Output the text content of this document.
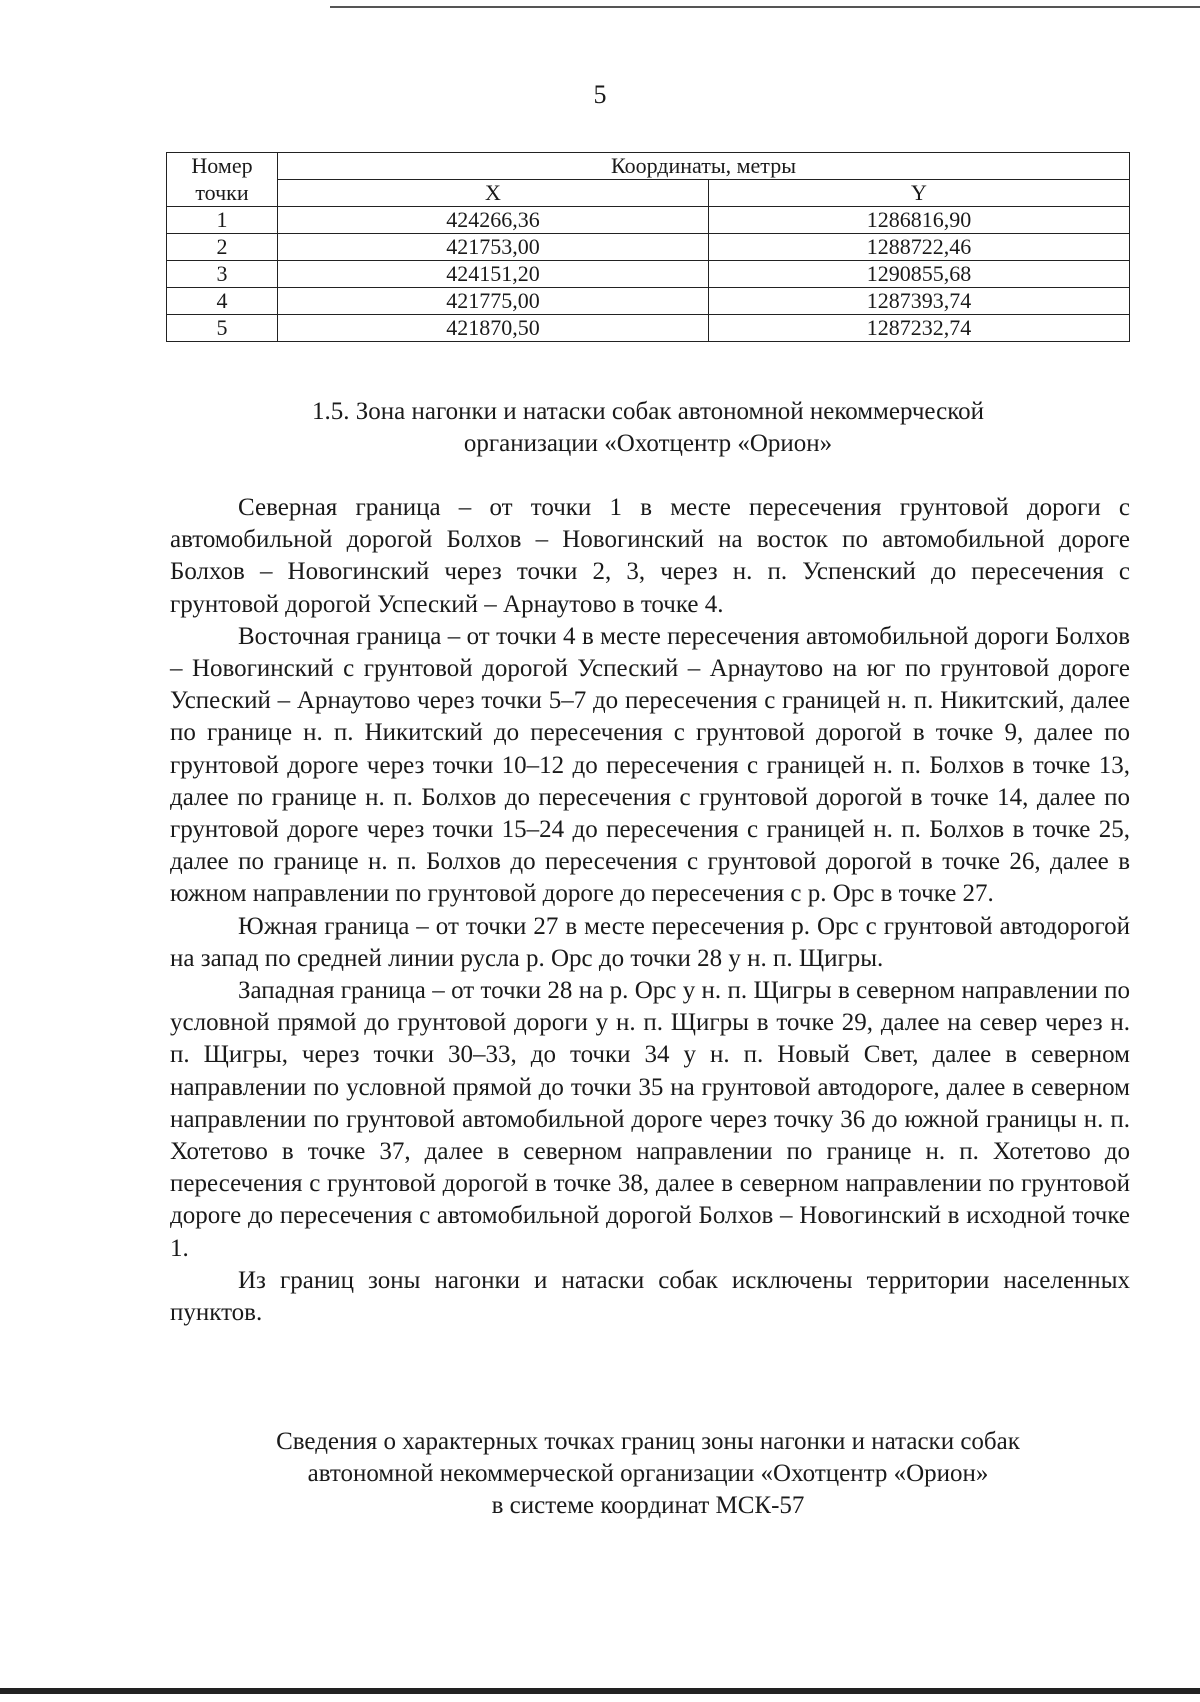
5
Номер	Координаты, метры	
точки	X	Y
1	424266,36	1286816,90
2	421753,00	1288722,46
3	424151,20	1290855,68
4	421775,00	1287393,74
5	421870,50	1287232,74
1.5. Зона нагонки и натаски собак автономной некоммерческой
организации «Охотцентр «Орион»

Северная граница – от точки 1 в месте пересечения грунтовой дороги с автомобильной дорогой Болхов – Новогинский на восток по автомобильной дороге Болхов – Новогинский через точки 2, 3, через н. п. Успенский до пересечения с грунтовой дорогой Успеский – Арнаутово в точке 4.

Восточная граница – от точки 4 в месте пересечения автомобильной дороги Болхов – Новогинский с грунтовой дорогой Успеский – Арнаутово на юг по грунтовой дороге Успеский – Арнаутово через точки 5–7 до пересечения с границей н. п. Никитский, далее по границе н. п. Никитский до пересечения с грунтовой дорогой в точке 9, далее по грунтовой дороге через точки 10–12 до пересечения с границей н. п. Болхов в точке 13, далее по границе н. п. Болхов до пересечения с грунтовой дорогой в точке 14, далее по грунтовой дороге через точки 15–24 до пересечения с границей н. п. Болхов в точке 25, далее по границе н. п. Болхов до пересечения с грунтовой дорогой в точке 26, далее в южном направлении по грунтовой дороге до пересечения с р. Орс в точке 27.

Южная граница – от точки 27 в месте пересечения р. Орс с грунтовой автодорогой на запад по средней линии русла р. Орс до точки 28 у н. п. Щигры.

Западная граница – от точки 28 на р. Орс у н. п. Щигры в северном направлении по условной прямой до грунтовой дороги у н. п. Щигры в точке 29, далее на север через н. п. Щигры, через точки 30–33, до точки 34 у н. п. Новый Свет, далее в северном направлении по условной прямой до точки 35 на грунтовой автодороге, далее в северном направлении по грунтовой автомобильной дороге через точку 36 до южной границы н. п. Хотетово в точке 37, далее в северном направлении по границе н. п. Хотетово до пересечения с грунтовой дорогой в точке 38, далее в северном направлении по грунтовой дороге до пересечения с автомобильной дорогой Болхов – Новогинский в исходной точке 1.

Из границ зоны нагонки и натаски собак исключены территории населенных пунктов.

Сведения о характерных точках границ зоны нагонки и натаски собак
автономной некоммерческой организации «Охотцентр «Орион»
в системе координат МСК-57
